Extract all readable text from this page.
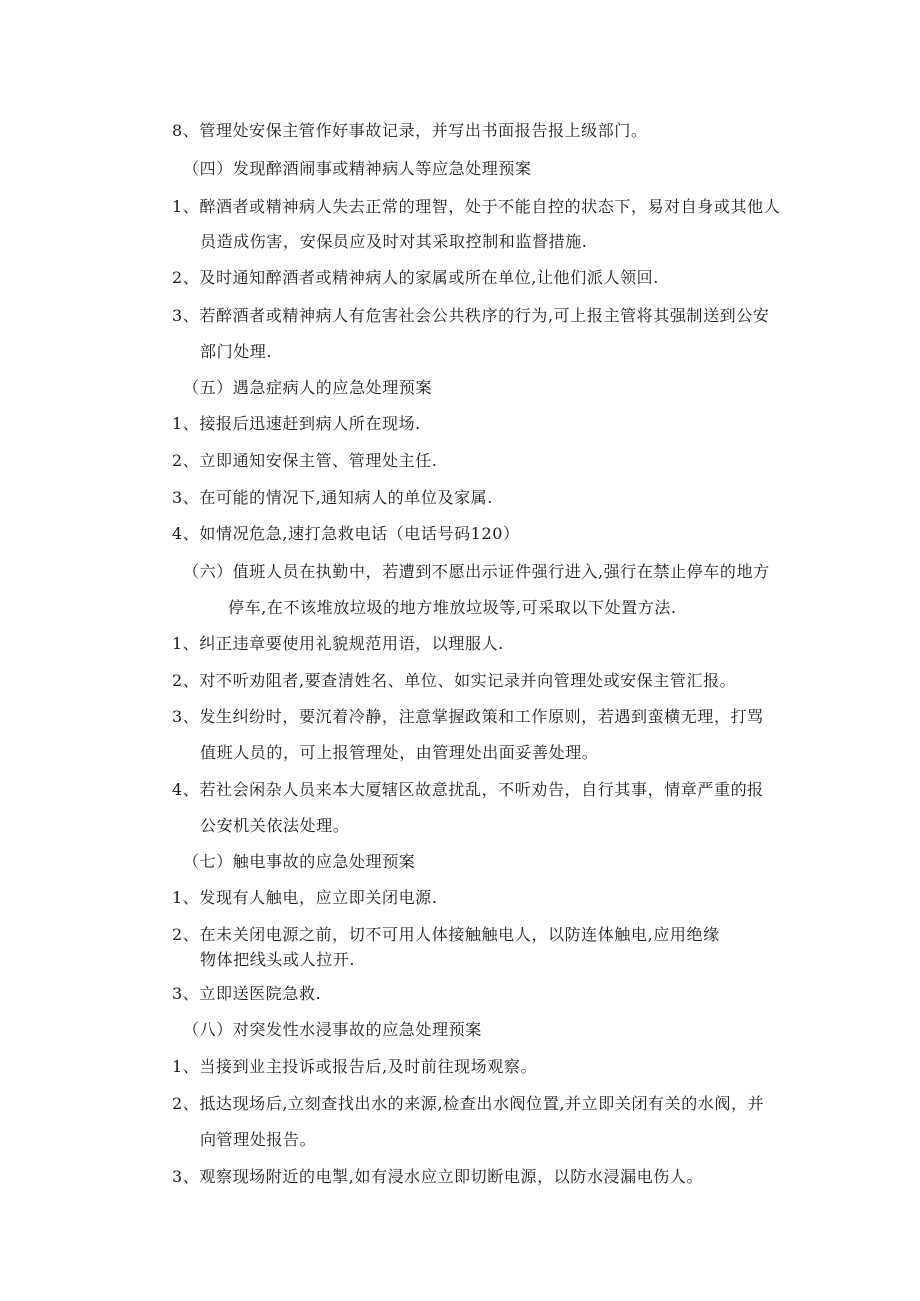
8、管理处安保主管作好事故记录，并写出书面报告报上级部门。
（四）发现醉酒闹事或精神病人等应急处理预案
1、醉酒者或精神病人失去正常的理智，处于不能自控的状态下，易对自身或其他人
员造成伤害，安保员应及时对其采取控制和监督措施.
2、及时通知醉酒者或精神病人的家属或所在单位,让他们派人领回.
3、若醉酒者或精神病人有危害社会公共秩序的行为,可上报主管将其强制送到公安
部门处理.
（五）遇急症病人的应急处理预案
1、接报后迅速赶到病人所在现场.
2、立即通知安保主管、管理处主任.
3、在可能的情况下,通知病人的单位及家属.
4、如情况危急,速打急救电话（电话号码120）
（六）值班人员在执勤中，若遭到不愿出示证件强行进入,强行在禁止停车的地方
停车,在不该堆放垃圾的地方堆放垃圾等,可采取以下处置方法.
1、纠正违章要使用礼貌规范用语，以理服人.
2、对不听劝阻者,要查清姓名、单位、如实记录并向管理处或安保主管汇报。
3、发生纠纷时，要沉着冷静，注意掌握政策和工作原则，若遇到蛮横无理，打骂
值班人员的，可上报管理处，由管理处出面妥善处理。
4、若社会闲杂人员来本大厦辖区故意扰乱，不听劝告，自行其事，情章严重的报
公安机关依法处理。
（七）触电事故的应急处理预案
1、发现有人触电，应立即关闭电源.
2、在未关闭电源之前，切不可用人体接触触电人，以防连体触电,应用绝缘
物体把线头或人拉开.
3、立即送医院急救.
（八）对突发性水浸事故的应急处理预案
1、当接到业主投诉或报告后,及时前往现场观察。
2、抵达现场后,立刻查找出水的来源,检查出水阀位置,并立即关闭有关的水阀，并
向管理处报告。
3、观察现场附近的电掣,如有浸水应立即切断电源，以防水浸漏电伤人。
